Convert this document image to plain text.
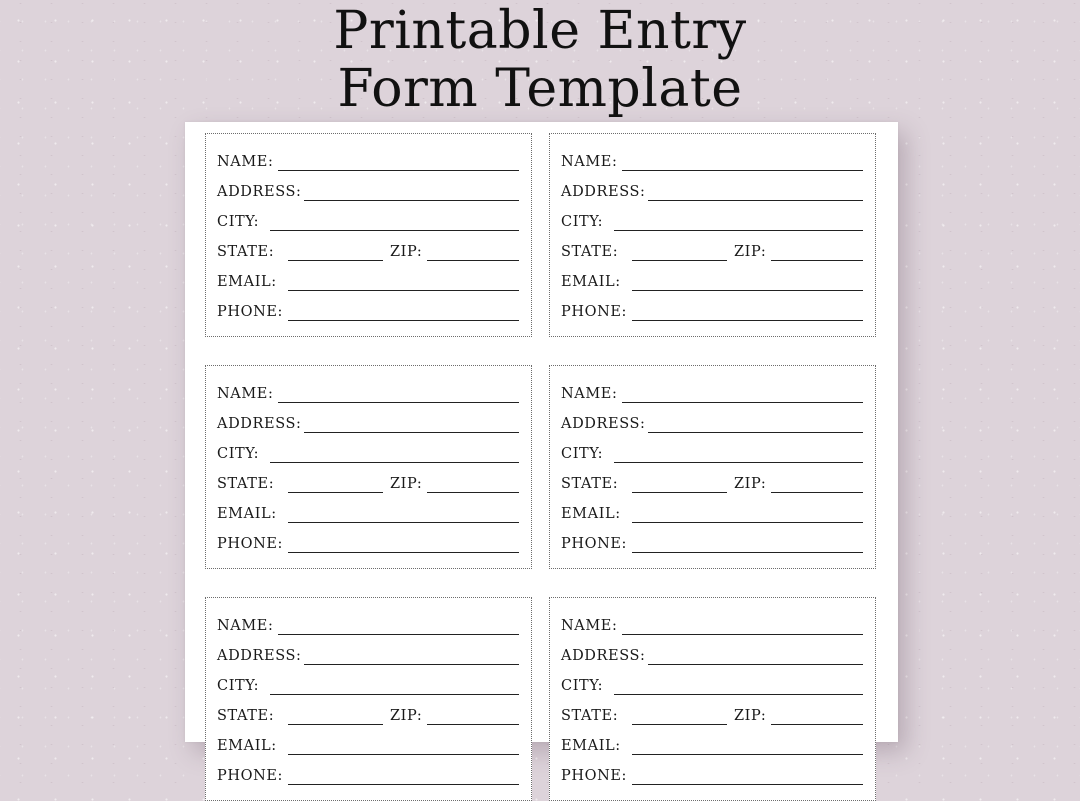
Printable Entry
Form Template
NAME:
ADDRESS:
CITY:
STATE:	ZIP:
EMAIL:
PHONE:
NAME:
ADDRESS:
CITY:
STATE:	ZIP:
EMAIL:
PHONE:
NAME:
ADDRESS:
CITY:
STATE:	ZIP:
EMAIL:
PHONE:
NAME:
ADDRESS:
CITY:
STATE:	ZIP:
EMAIL:
PHONE:
NAME:
ADDRESS:
CITY:
STATE:	ZIP:
EMAIL:
PHONE:
NAME:
ADDRESS:
CITY:
STATE:	ZIP:
EMAIL:
PHONE:
